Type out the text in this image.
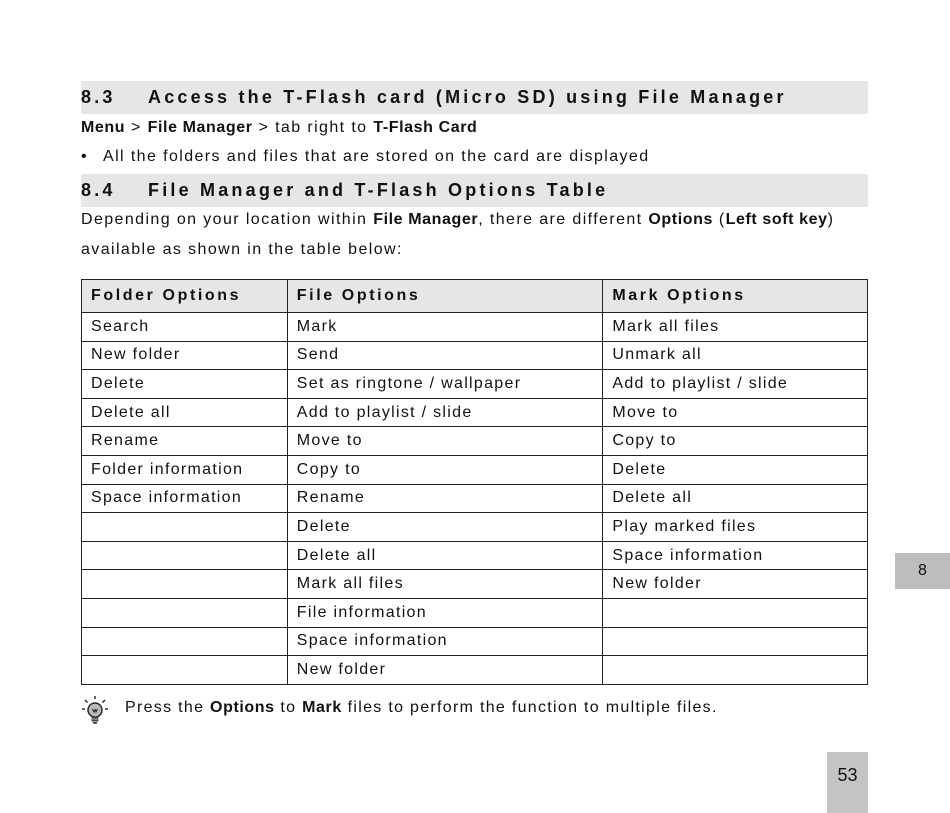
8.3 Access the T-Flash card (Micro SD) using File Manager
Menu > File Manager > tab right to T-Flash Card
• All the folders and files that are stored on the card are displayed
8.4 File Manager and T-Flash Options Table
Depending on your location within File Manager, there are different Options (Left soft key)
available as shown in the table below:
Folder Options	File Options	Mark Options
Search	Mark	Mark all files
New folder	Send	Unmark all
Delete	Set as ringtone / wallpaper	Add to playlist / slide
Delete all	Add to playlist / slide	Move to
Rename	Move to	Copy to
Folder information	Copy to	Delete
Space information	Rename	Delete all
	Delete	Play marked files
	Delete all	Space information
	Mark all files	New folder
	File information	
	Space information	
	New folder	
Press the Options to Mark files to perform the function to multiple files.
8
53
